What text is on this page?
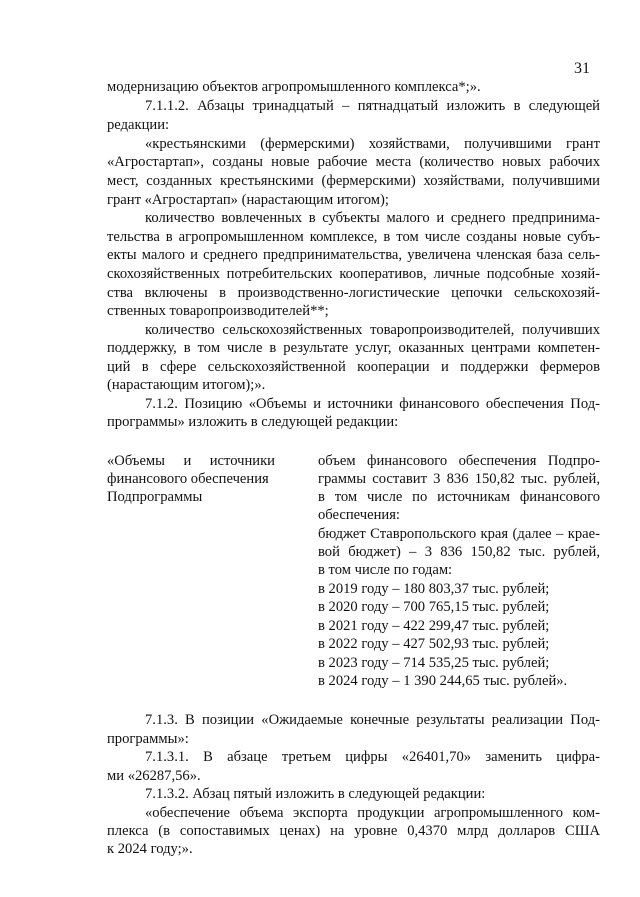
31
модернизацию объектов агропромышленного комплекса*;».
7.1.1.2. Абзацы тринадцатый – пятнадцатый изложить в следующей
редакции:
«крестьянскими (фермерскими) хозяйствами, получившими грант
«Агростартап», созданы новые рабочие места (количество новых рабочих
мест, созданных крестьянскими (фермерскими) хозяйствами, получившими
грант «Агростартап» (нарастающим итогом);
количество вовлеченных в субъекты малого и среднего предпринима-
тельства в агропромышленном комплексе, в том числе созданы новые субъ-
екты малого и среднего предпринимательства, увеличена членская база сель-
скохозяйственных потребительских кооперативов, личные подсобные хозяй-
ства включены в производственно-логистические цепочки сельскохозяй-
ственных товаропроизводителей**;
количество сельскохозяйственных товаропроизводителей, получивших
поддержку, в том числе в результате услуг, оказанных центрами компетен-
ций в сфере сельскохозяйственной кооперации и поддержки фермеров
(нарастающим итогом);».
7.1.2. Позицию «Объемы и источники финансового обеспечения Под-
программы» изложить в следующей редакции:
«Объемы и источники
финансового обеспечения
Подпрограммы
объем финансового обеспечения Подпро-
граммы составит 3 836 150,82 тыс. рублей,
в том числе по источникам финансового
обеспечения:
бюджет Ставропольского края (далее – крае-
вой бюджет) – 3 836 150,82 тыс. рублей,
в том числе по годам:
в 2019 году – 180 803,37 тыс. рублей;
в 2020 году – 700 765,15 тыс. рублей;
в 2021 году – 422 299,47 тыс. рублей;
в 2022 году – 427 502,93 тыс. рублей;
в 2023 году – 714 535,25 тыс. рублей;
в 2024 году – 1 390 244,65 тыс. рублей».
7.1.3. В позиции «Ожидаемые конечные результаты реализации Под-
программы»:
7.1.3.1. В абзаце третьем цифры «26401,70» заменить цифра-
ми «26287,56».
7.1.3.2. Абзац пятый изложить в следующей редакции:
«обеспечение объема экспорта продукции агропромышленного ком-
плекса (в сопоставимых ценах) на уровне 0,4370 млрд долларов США
к 2024 году;».
